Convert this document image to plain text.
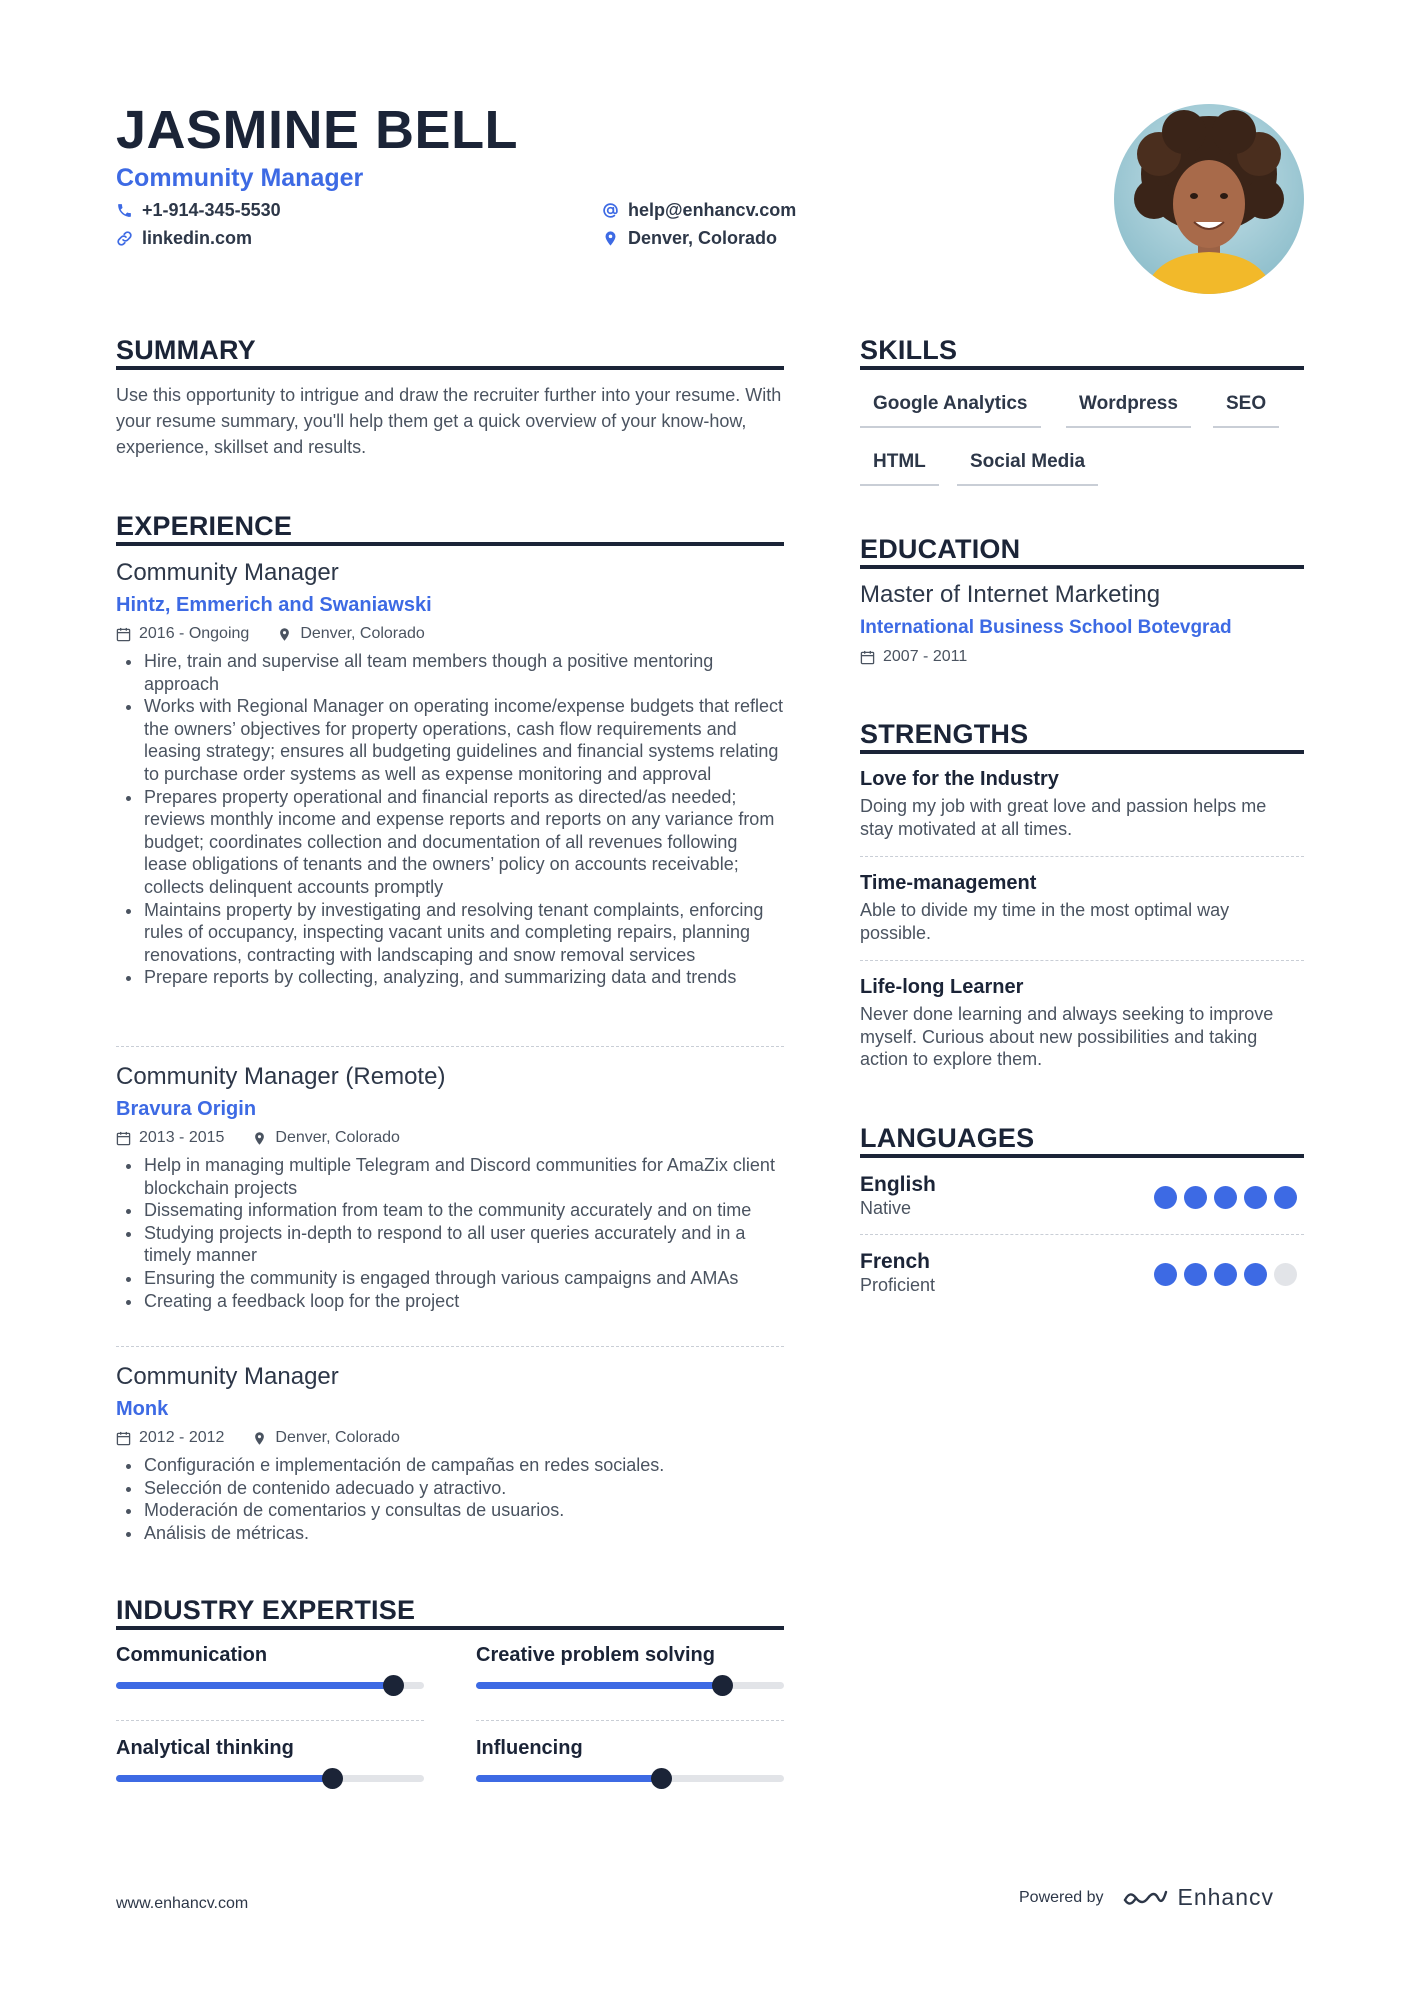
JASMINE BELL
Community Manager
+1-914-345-5530
linkedin.com
help@enhancv.com
Denver, Colorado
SUMMARY
Use this opportunity to intrigue and draw the recruiter further into your resume. With your resume summary, you'll help them get a quick overview of your know-how, experience, skillset and results.
EXPERIENCE
Community Manager
Hintz, Emmerich and Swaniawski
2016 - Ongoing	Denver, Colorado
• Hire, train and supervise all team members though a positive mentoring approach
• Works with Regional Manager on operating income/expense budgets that reflect the owners’ objectives for property operations, cash flow requirements and leasing strategy; ensures all budgeting guidelines and financial systems relating to purchase order systems as well as expense monitoring and approval
• Prepares property operational and financial reports as directed/as needed; reviews monthly income and expense reports and reports on any variance from budget; coordinates collection and documentation of all revenues following lease obligations of tenants and the owners’ policy on accounts receivable; collects delinquent accounts promptly
• Maintains property by investigating and resolving tenant complaints, enforcing rules of occupancy, inspecting vacant units and completing repairs, planning renovations, contracting with landscaping and snow removal services
• Prepare reports by collecting, analyzing, and summarizing data and trends
Community Manager (Remote)
Bravura Origin
2013 - 2015	Denver, Colorado
• Help in managing multiple Telegram and Discord communities for AmaZix client blockchain projects
• Dissemating information from team to the community accurately and on time
• Studying projects in-depth to respond to all user queries accurately and in a timely manner
• Ensuring the community is engaged through various campaigns and AMAs
• Creating a feedback loop for the project
Community Manager
Monk
2012 - 2012	Denver, Colorado
• Configuración e implementación de campañas en redes sociales.
• Selección de contenido adecuado y atractivo.
• Moderación de comentarios y consultas de usuarios.
• Análisis de métricas.
INDUSTRY EXPERTISE
Communication	Creative problem solving
Analytical thinking	Influencing
SKILLS
Google Analytics	Wordpress	SEO
HTML	Social Media
EDUCATION
Master of Internet Marketing
International Business School Botevgrad
2007 - 2011
STRENGTHS
Love for the Industry
Doing my job with great love and passion helps me stay motivated at all times.
Time-management
Able to divide my time in the most optimal way possible.
Life-long Learner
Never done learning and always seeking to improve myself. Curious about new possibilities and taking action to explore them.
LANGUAGES
English
Native
French
Proficient
www.enhancv.com	Powered by	Enhancv
